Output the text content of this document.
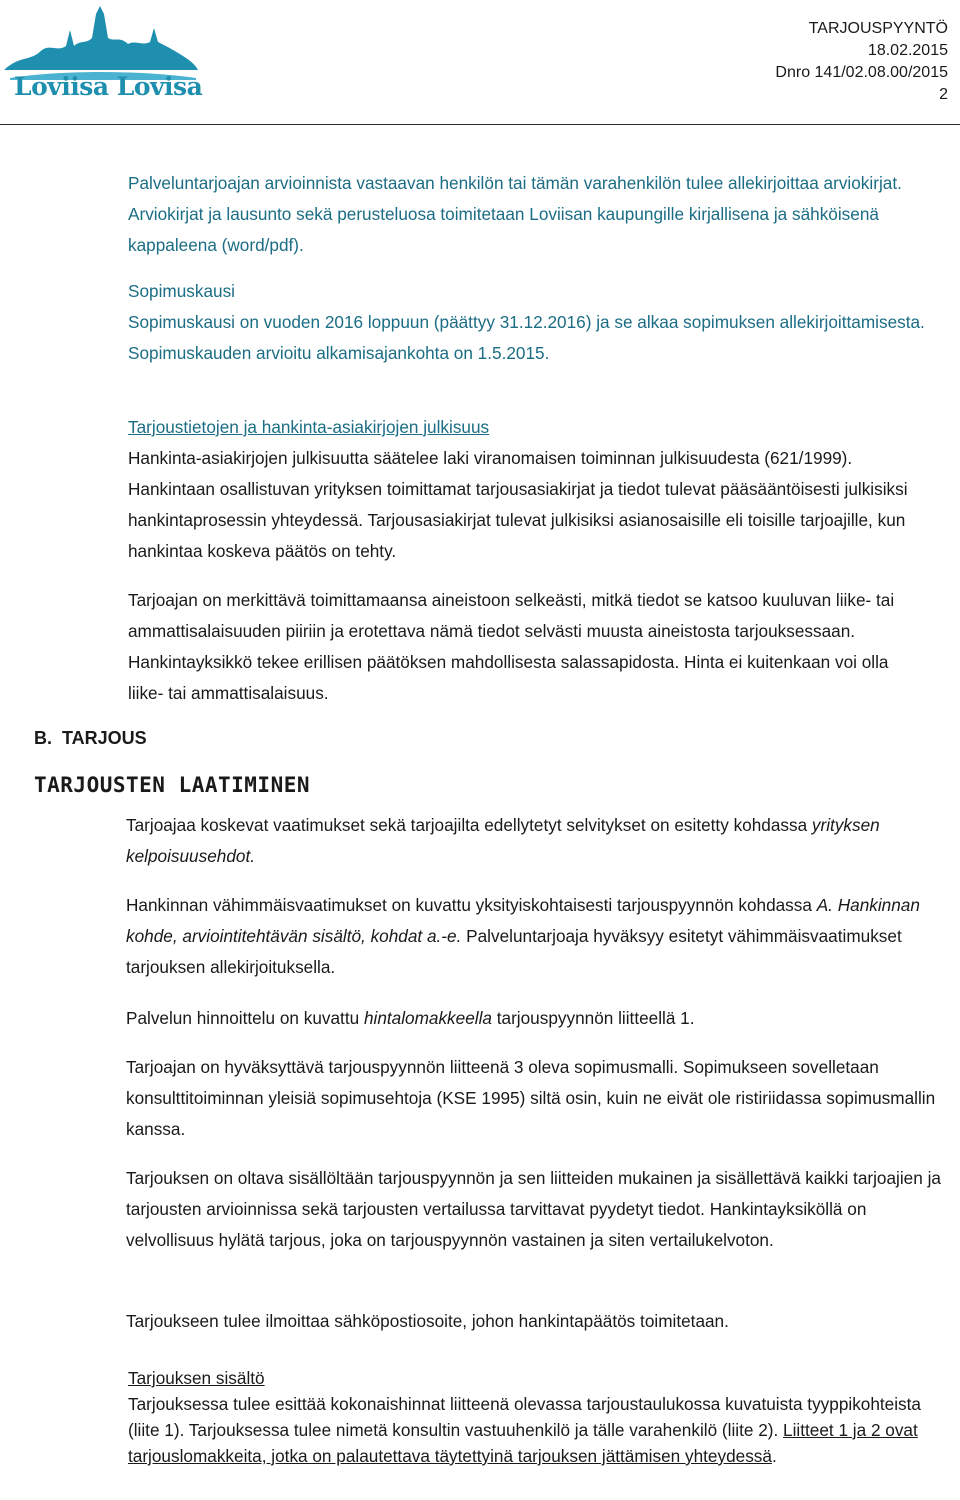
Loviisa Lovisa
TARJOUSPYYNTÖ
18.02.2015
Dnro 141/02.08.00/2015
2

Palveluntarjoajan arvioinnista vastaavan henkilön tai tämän varahenkilön tulee allekirjoittaa arviokirjat. Arviokirjat ja lausunto sekä perusteluosa toimitetaan Loviisan kaupungille kirjallisena ja sähköisenä kappaleena (word/pdf).

Sopimuskausi

Sopimuskausi on vuoden 2016 loppuun (päättyy 31.12.2016) ja se alkaa sopimuksen allekirjoittamisesta. Sopimuskauden arvioitu alkamisajankohta on 1.5.2015.

Tarjoustietojen ja hankinta-asiakirjojen julkisuus

Hankinta-asiakirjojen julkisuutta säätelee laki viranomaisen toiminnan julkisuudesta (621/1999). Hankintaan osallistuvan yrityksen toimittamat tarjousasiakirjat ja tiedot tulevat pääsääntöisesti julkisiksi hankintaprosessin yhteydessä. Tarjousasiakirjat tulevat julkisiksi asianosaisille eli toisille tarjoajille, kun hankintaa koskeva päätös on tehty.

Tarjoajan on merkittävä toimittamaansa aineistoon selkeästi, mitkä tiedot se katsoo kuuluvan liike- tai ammattisalaisuuden piiriin ja erotettava nämä tiedot selvästi muusta aineistosta tarjouksessaan. Hankintayksikkö tekee erillisen päätöksen mahdollisesta salassapidosta. Hinta ei kuitenkaan voi olla liike- tai ammattisalaisuus.

B. TARJOUS
TARJOUSTEN LAATIMINEN

Tarjoajaa koskevat vaatimukset sekä tarjoajilta edellytetyt selvitykset on esitetty kohdassa yrityksen kelpoisuusehdot.

Hankinnan vähimmäisvaatimukset on kuvattu yksityiskohtaisesti tarjouspyynnön kohdassa A. Hankinnan kohde, arviointitehtävän sisältö, kohdat a.-e. Palveluntarjoaja hyväksyy esitetyt vähimmäisvaatimukset tarjouksen allekirjoituksella.

Palvelun hinnoittelu on kuvattu hintalomakkeella tarjouspyynnön liitteellä 1.

Tarjoajan on hyväksyttävä tarjouspyynnön liitteenä 3 oleva sopimusmalli. Sopimukseen sovelletaan konsulttitoiminnan yleisiä sopimusehtoja (KSE 1995) siltä osin, kuin ne eivät ole ristiriidassa sopimusmallin kanssa.

Tarjouksen on oltava sisällöltään tarjouspyynnön ja sen liitteiden mukainen ja sisällettävä kaikki tarjoajien ja tarjousten arvioinnissa sekä tarjousten vertailussa tarvittavat pyydetyt tiedot. Hankintayksiköllä on velvollisuus hylätä tarjous, joka on tarjouspyynnön vastainen ja siten vertailukelvoton.

Tarjoukseen tulee ilmoittaa sähköpostiosoite, johon hankintapäätös toimitetaan.

Tarjouksen sisältö

Tarjouksessa tulee esittää kokonaishinnat liitteenä olevassa tarjoustaulukossa kuvatuista tyyppikohteista (liite 1). Tarjouksessa tulee nimetä konsultin vastuuhenkilö ja tälle varahenkilö (liite 2). Liitteet 1 ja 2 ovat tarjouslomakkeita, jotka on palautettava täytettyinä tarjouksen jättämisen yhteydessä.
